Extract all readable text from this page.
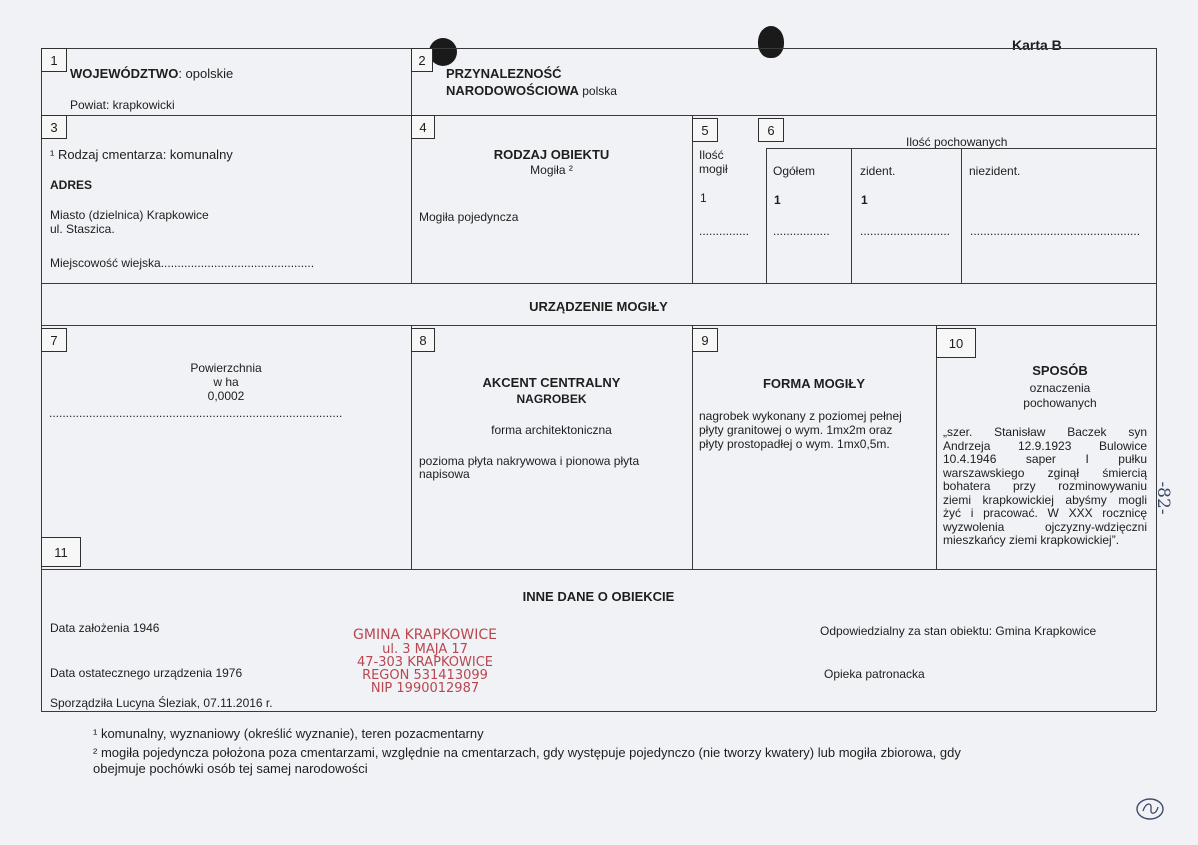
Karta B
1
WOJEWÓDZTWO: opolskie
Powiat: krapkowicki
2
PRZYNALEZNOŚĆ
NARODOWOŚCIOWA polska
3
¹ Rodzaj cmentarza: komunalny
ADRES
Miasto (dzielnica) Krapkowice
ul. Staszica.
Miejscowość wiejska..............................................
4
RODZAJ OBIEKTU
Mogiła ²
Mogiła pojedyncza
5
Ilość
mogił
1
...............
6
Ilość pochowanych
Ogółem	zident.	niezident.
1	1
.................	........................... ...................................................
URZĄDZENIE MOGIŁY
7
Powierzchnia
w ha
0,0002
........................................................................................
11
8
AKCENT CENTRALNY
NAGROBEK
forma architektoniczna
pozioma płyta nakrywowa i pionowa płyta
napisowa
9
FORMA MOGIŁY
nagrobek wykonany z poziomej pełnej
płyty granitowej o wym. 1mx2m oraz
płyty prostopadłej o wym. 1mx0,5m.
10
SPOSÓB
oznaczenia
pochowanych
„szer. Stanisław Baczek syn
Andrzeja 12.9.1923 Bulowice
10.4.1946 saper I pułku
warszawskiego zginął śmiercią
bohatera przy rozminowywaniu
ziemi krapkowickiej abyśmy mogli
żyć i pracować. W XXX rocznicę
wyzwolenia ojczyzny-wdzięczni
mieszkańcy ziemi krapkowickiej”.
INNE DANE O OBIEKCIE
Data założenia 1946
Data ostatecznego urządzenia 1976
Sporządziła Lucyna Śleziak, 07.11.2016 r.
Odpowiedzialny za stan obiektu: Gmina Krapkowice
Opieka patronacka
GMINA KRAPKOWICE
ul. 3 MAJA 17
47-303 KRAPKOWICE
REGON 531413099
NIP 1990012987
¹ komunalny, wyznaniowy (określić wyznanie), teren pozacmentarny
² mogiła pojedyncza położona poza cmentarzami, względnie na cmentarzach, gdy występuje pojedynczo (nie tworzy kwatery) lub mogiła zbiorowa, gdy
obejmuje pochówki osób tej samej narodowości
-82-
